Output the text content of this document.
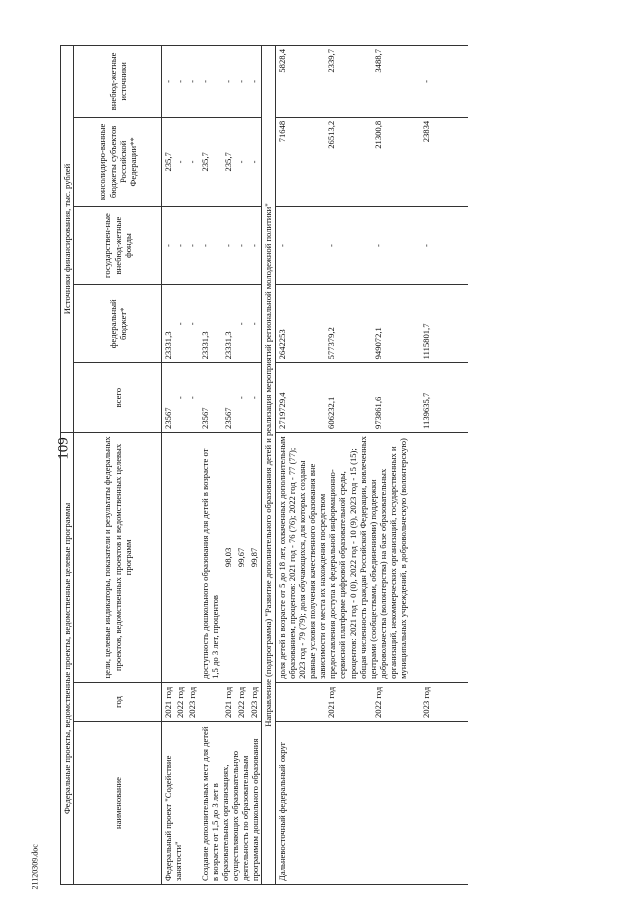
109
21120309.doc
Федеральные проекты, ведомственные проекты, ведомственные целевые программы			Источники финансирования, тыс. рублей				
наименование	год	цели, целевые индикаторы, показатели и результаты федеральных проектов, ведомственных проектов и ведомственных целевых программ	всего	федеральный бюджет*	государствен-ные внебюд-жетные фонды	консолидиро-ванные бюджеты субъектов Российской Федерации**	внебюд-жетные источники
Федеральный проект "Содействие занятости"	2021 год		23567	23331,3	-	235,7	-
	2022 год		-	-	-	-	-
	2023 год		-	-	-	-	-
Создание дополнительных мест для детей в возрасте от 1,5 до 3 лет в образовательных организациях, осуществляющих образовательную деятельность по образовательным программам дошкольного образования		доступность дошкольного образования для детей в возрасте от 1,5 до 3 лет, процентов	23567	23331,3	-	235,7	-
	2021 год	98,03	23567	23331,3	-	235,7	-
	2022 год	99,67	-	-	-	-	-
	2023 год	99,87	-	-	-	-	-
Направление (подпрограмма) "Развитие дополнительного образования детей и реализация мероприятий региональной молодежной политики"							
Дальневосточный федеральный округ		доля детей в возрасте от 5 до 18 лет, охваченных дополнительным образованием, процентов: 2021 год - 76 (76); 2022 год - 77 (77); 2023 год - 79 (79); доля обучающихся, для которых созданы равные условия получения качественного образования вне зависимости от места их нахождения посредством предоставления доступа к федеральной информационно-сервисной платформе цифровой образовательной среды, процентов: 2021 год - 0 (0), 2022 год - 10 (9), 2023 год - 15 (15); общая численность граждан Российской Федерации, вовлеченных центрами (сообществами, объединениями) поддержки добровольчества (волонтерства) на базе образовательных организаций, некоммерческих организаций, государственных и муниципальных учреждений, в добровольческую (волонтерскую)	2719729,4	2642253	-	71648	5828,4
	2021 год		606232,1	577379,2	-	26513,2	2339,7
	2022 год		973861,6	949072,1	-	21300,8	3488,7
	2023 год		1139635,7	1115801,7	-	23834	-
